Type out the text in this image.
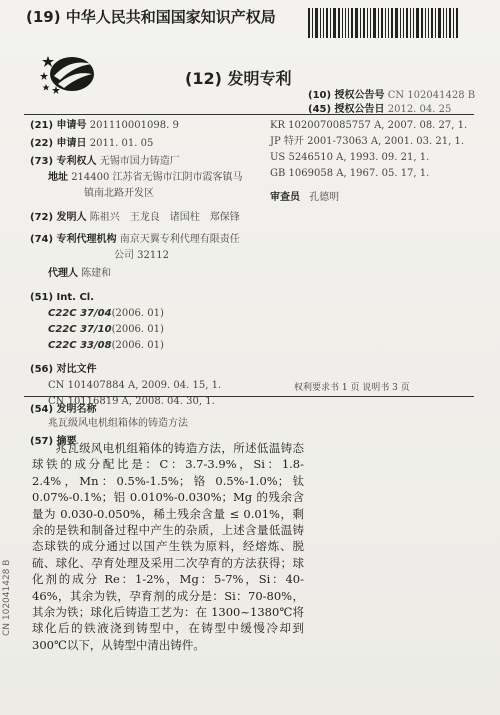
(19) 中华人民共和国国家知识产权局
(12) 发明专利
(10) 授权公告号 CN 102041428 B
(45) 授权公告日 2012. 04. 25
(21) 申请号 201110001098. 9
(22) 申请日 2011. 01. 05
(73) 专利权人 无锡市国力铸造厂
地址 214400 江苏省无锡市江阴市霞客镇马
镇南北路开发区
(72) 发明人 陈祖兴　王龙良　诸国柱　郑保锋
(74) 专利代理机构 南京天翼专利代理有限责任
公司 32112
代理人 陈建和
(51) Int. Cl.
C22C 37/04(2006. 01)
C22C 37/10(2006. 01)
C22C 33/08(2006. 01)
(56) 对比文件
CN 101407884 A, 2009. 04. 15, 1.
CN 10116819 A, 2008. 04. 30, 1.
KR 1020070085757 A, 2007. 08. 27, 1.
JP 特开 2001-73063 A, 2001. 03. 21, 1.
US 5246510 A, 1993. 09. 21, 1.
GB 1069058 A, 1967. 05. 17, 1.
审查员 孔德明
权利要求书 1 页 说明书 3 页
(54) 发明名称
兆瓦级风电机组箱体的铸造方法
(57) 摘要
兆瓦级风电机组箱体的铸造方法，所述低温铸态球铁的成分配比是：C：3.7-3.9%，Si：1.8-2.4%，Mn：0.5%-1.5%；铬 0.5%-1.0%；钛 0.07%-0.1%；铝 0.010%-0.030%；Mg 的残余含量为 0.030-0.050%，稀土残余含量 ≤ 0.01%，剩余的是铁和制备过程中产生的杂质，上述含量低温铸态球铁的成分通过以国产生铁为原料，经熔炼、脱硫、球化、孕育处理及采用二次孕育的方法获得；球化剂的成分 Re：1-2%，Mg：5-7%，Si：40-46%，其余为铁，孕育剂的成分是：Si：70-80%，其余为铁；球化后铸造工艺为：在 1300~1380℃将球化后的铁液浇到铸型中，在铸型中缓慢冷却到 300℃以下，从铸型中清出铸件。
CN 102041428 B
